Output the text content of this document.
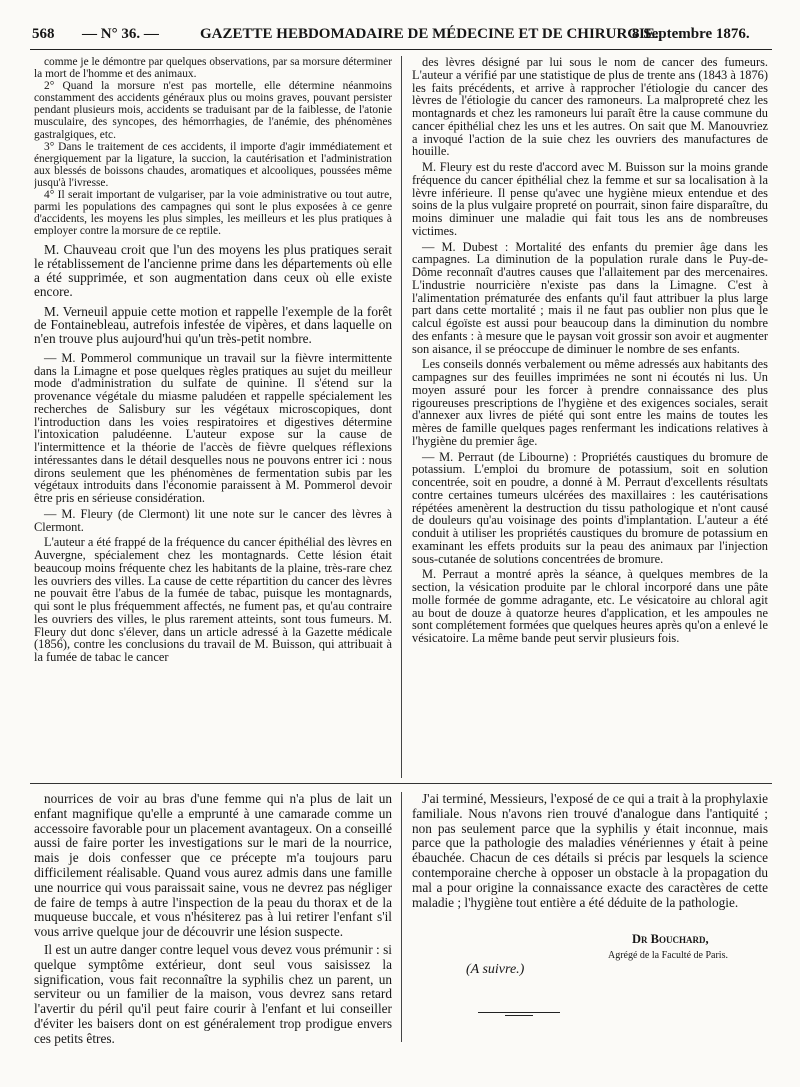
568 — N° 36. —	GAZETTE HEBDOMADAIRE DE MÉDECINE ET DE CHIRURGIE.
8 Septembre 1876.

comme je le démontre par quelques observations, par sa morsure déterminer la mort de l'homme et des animaux.

2° Quand la morsure n'est pas mortelle, elle détermine néanmoins constamment des accidents généraux plus ou moins graves, pouvant persister pendant plusieurs mois, accidents se traduisant par de la faiblesse, de l'atonie musculaire, des syncopes, des hémorrhagies, de l'anémie, des phénomènes gastralgiques, etc.

3° Dans le traitement de ces accidents, il importe d'agir immédiatement et énergiquement par la ligature, la succion, la cautérisation et l'administration aux blessés de boissons chaudes, aromatiques et alcooliques, poussées même jusqu'à l'ivresse.

4° Il serait important de vulgariser, par la voie administrative ou tout autre, parmi les populations des campagnes qui sont le plus exposées à ce genre d'accidents, les moyens les plus simples, les meilleurs et les plus pratiques à employer contre la morsure de ce reptile.

M. Chauveau croit que l'un des moyens les plus pratiques serait le rétablissement de l'ancienne prime dans les départements où elle a été supprimée, et son augmentation dans ceux où elle existe encore.

M. Verneuil appuie cette motion et rappelle l'exemple de la forêt de Fontainebleau, autrefois infestée de vipères, et dans laquelle on n'en trouve plus aujourd'hui qu'un très-petit nombre.

— M. Pommerol communique un travail sur la fièvre intermittente dans la Limagne et pose quelques règles pratiques au sujet du meilleur mode d'administration du sulfate de quinine. Il s'étend sur la provenance végétale du miasme paludéen et rappelle spécialement les recherches de Salisbury sur les végétaux microscopiques, dont l'introduction dans les voies respiratoires et digestives détermine l'intoxication paludéenne. L'auteur expose sur la cause de l'intermittence et la théorie de l'accès de fièvre quelques réflexions intéressantes dans le détail desquelles nous ne pouvons entrer ici : nous dirons seulement que les phénomènes de fermentation subis par les végétaux introduits dans l'économie paraissent à M. Pommerol devoir être pris en sérieuse considération.

— M. Fleury (de Clermont) lit une note sur le cancer des lèvres à Clermont.

L'auteur a été frappé de la fréquence du cancer épithélial des lèvres en Auvergne, spécialement chez les montagnards. Cette lésion était beaucoup moins fréquente chez les habitants de la plaine, très-rare chez les ouvriers des villes. La cause de cette répartition du cancer des lèvres ne pouvait être l'abus de la fumée de tabac, puisque les montagnards, qui sont le plus fréquemment affectés, ne fument pas, et qu'au contraire les ouvriers des villes, le plus rarement atteints, sont tous fumeurs. M. Fleury dut donc s'élever, dans un article adressé à la Gazette médicale (1856), contre les conclusions du travail de M. Buisson, qui attribuait à la fumée de tabac le cancer

des lèvres désigné par lui sous le nom de cancer des fumeurs. L'auteur a vérifié par une statistique de plus de trente ans (1843 à 1876) les faits précédents, et arrive à rapprocher l'étiologie du cancer des lèvres de l'étiologie du cancer des ramoneurs. La malpropreté chez les montagnards et chez les ramoneurs lui paraît être la cause commune du cancer épithélial chez les uns et les autres. On sait que M. Manouvriez a invoqué l'action de la suie chez les ouvriers des manufactures de houille.

M. Fleury est du reste d'accord avec M. Buisson sur la moins grande fréquence du cancer épithélial chez la femme et sur sa localisation à la lèvre inférieure. Il pense qu'avec une hygiène mieux entendue et des soins de la plus vulgaire propreté on pourrait, sinon faire disparaître, du moins diminuer une maladie qui fait tous les ans de nombreuses victimes.

— M. Dubest : Mortalité des enfants du premier âge dans les campagnes. La diminution de la population rurale dans le Puy-de-Dôme reconnaît d'autres causes que l'allaitement par des mercenaires. L'industrie nourricière n'existe pas dans la Limagne. C'est à l'alimentation prématurée des enfants qu'il faut attribuer la plus large part dans cette mortalité ; mais il ne faut pas oublier non plus que le calcul égoïste est aussi pour beaucoup dans la diminution du nombre des enfants : à mesure que le paysan voit grossir son avoir et augmenter son aisance, il se préoccupe de diminuer le nombre de ses enfants.

Les conseils donnés verbalement ou même adressés aux habitants des campagnes sur des feuilles imprimées ne sont ni écoutés ni lus. Un moyen assuré pour les forcer à prendre connaissance des plus rigoureuses prescriptions de l'hygiène et des exigences sociales, serait d'annexer aux livres de piété qui sont entre les mains de toutes les mères de famille quelques pages renfermant les indications relatives à l'hygiène du premier âge.

— M. Perraut (de Libourne) : Propriétés caustiques du bromure de potassium. L'emploi du bromure de potassium, soit en solution concentrée, soit en poudre, a donné à M. Perraut d'excellents résultats contre certaines tumeurs ulcérées des maxillaires : les cautérisations répétées amenèrent la destruction du tissu pathologique et n'ont causé de douleurs qu'au voisinage des points d'implantation. L'auteur a été conduit à utiliser les propriétés caustiques du bromure de potassium en examinant les effets produits sur la peau des animaux par l'injection sous-cutanée de solutions concentrées de bromure.

M. Perraut a montré après la séance, à quelques membres de la section, la vésication produite par le chloral incorporé dans une pâte molle formée de gomme adragante, etc. Le vésicatoire au chloral agit au bout de douze à quatorze heures d'application, et les ampoules ne sont complétement formées que quelques heures après qu'on a enlevé le vésicatoire. La même bande peut servir plusieurs fois.

nourrices de voir au bras d'une femme qui n'a plus de lait un enfant magnifique qu'elle a emprunté à une camarade comme un accessoire favorable pour un placement avantageux. On a conseillé aussi de faire porter les investigations sur le mari de la nourrice, mais je dois confesser que ce précepte m'a toujours paru difficilement réalisable. Quand vous aurez admis dans une famille une nourrice qui vous paraissait saine, vous ne devrez pas négliger de faire de temps à autre l'inspection de la peau du thorax et de la muqueuse buccale, et vous n'hésiterez pas à lui retirer l'enfant s'il vous arrive quelque jour de découvrir une lésion suspecte.

Il est un autre danger contre lequel vous devez vous prémunir : si quelque symptôme extérieur, dont seul vous saisissez la signification, vous fait reconnaître la syphilis chez un parent, un serviteur ou un familier de la maison, vous devrez sans retard l'avertir du péril qu'il peut faire courir à l'enfant et lui conseiller d'éviter les baisers dont on est généralement trop prodigue envers ces petits êtres.

J'ai terminé, Messieurs, l'exposé de ce qui a trait à la prophylaxie familiale. Nous n'avons rien trouvé d'analogue dans l'antiquité ; non pas seulement parce que la syphilis y était inconnue, mais parce que la pathologie des maladies vénériennes y était à peine ébauchée. Chacun de ces détails si précis par lesquels la science contemporaine cherche à opposer un obstacle à la propagation du mal a pour origine la connaissance exacte des caractères de cette maladie ; l'hygiène tout entière a été déduite de la pathologie.

Dr Bouchard,
Agrégé de la Faculté de Paris.
(A suivre.)
